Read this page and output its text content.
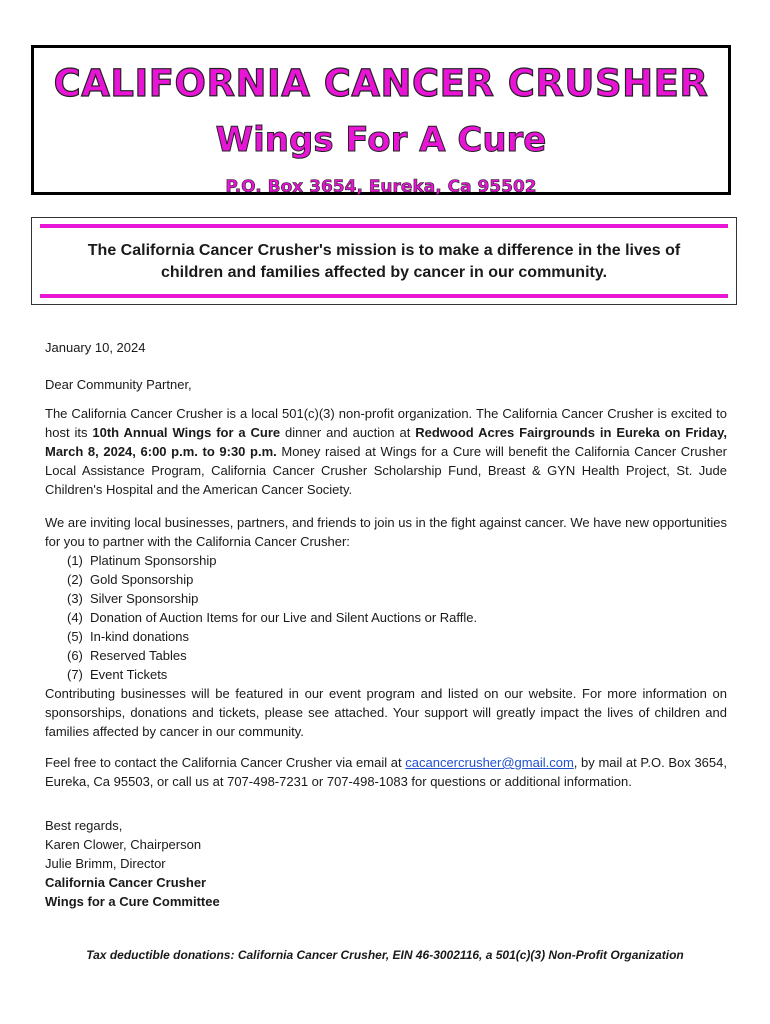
CALIFORNIA CANCER CRUSHER
Wings For A Cure
P.O. Box 3654, Eureka, Ca 95502
The California Cancer Crusher's mission is to make a difference in the lives of
children and families affected by cancer in our community.
January 10, 2024
Dear Community Partner,
The California Cancer Crusher is a local 501(c)(3) non-profit organization. The California Cancer Crusher is excited to host its 10th Annual Wings for a Cure dinner and auction at Redwood Acres Fairgrounds in Eureka on Friday, March 8, 2024, 6:00 p.m. to 9:30 p.m. Money raised at Wings for a Cure will benefit the California Cancer Crusher Local Assistance Program, California Cancer Crusher Scholarship Fund, Breast & GYN Health Project, St. Jude Children's Hospital and the American Cancer Society.

We are inviting local businesses, partners, and friends to join us in the fight against cancer. We have new opportunities for you to partner with the California Cancer Crusher:

(1) Platinum Sponsorship
(2) Gold Sponsorship
(3) Silver Sponsorship
(4) Donation of Auction Items for our Live and Silent Auctions or Raffle.
(5) In-kind donations
(6) Reserved Tables
(7) Event Tickets

Contributing businesses will be featured in our event program and listed on our website. For more information on sponsorships, donations and tickets, please see attached. Your support will greatly impact the lives of children and families affected by cancer in our community.

Feel free to contact the California Cancer Crusher via email at cacancercrusher@gmail.com, by mail at P.O. Box 3654, Eureka, Ca 95503, or call us at 707-498-7231 or 707-498-1083 for questions or additional information.
Best regards,
Karen Clower, Chairperson
Julie Brimm, Director
California Cancer Crusher
Wings for a Cure Committee
Tax deductible donations: California Cancer Crusher, EIN 46-3002116, a 501(c)(3) Non-Profit Organization
